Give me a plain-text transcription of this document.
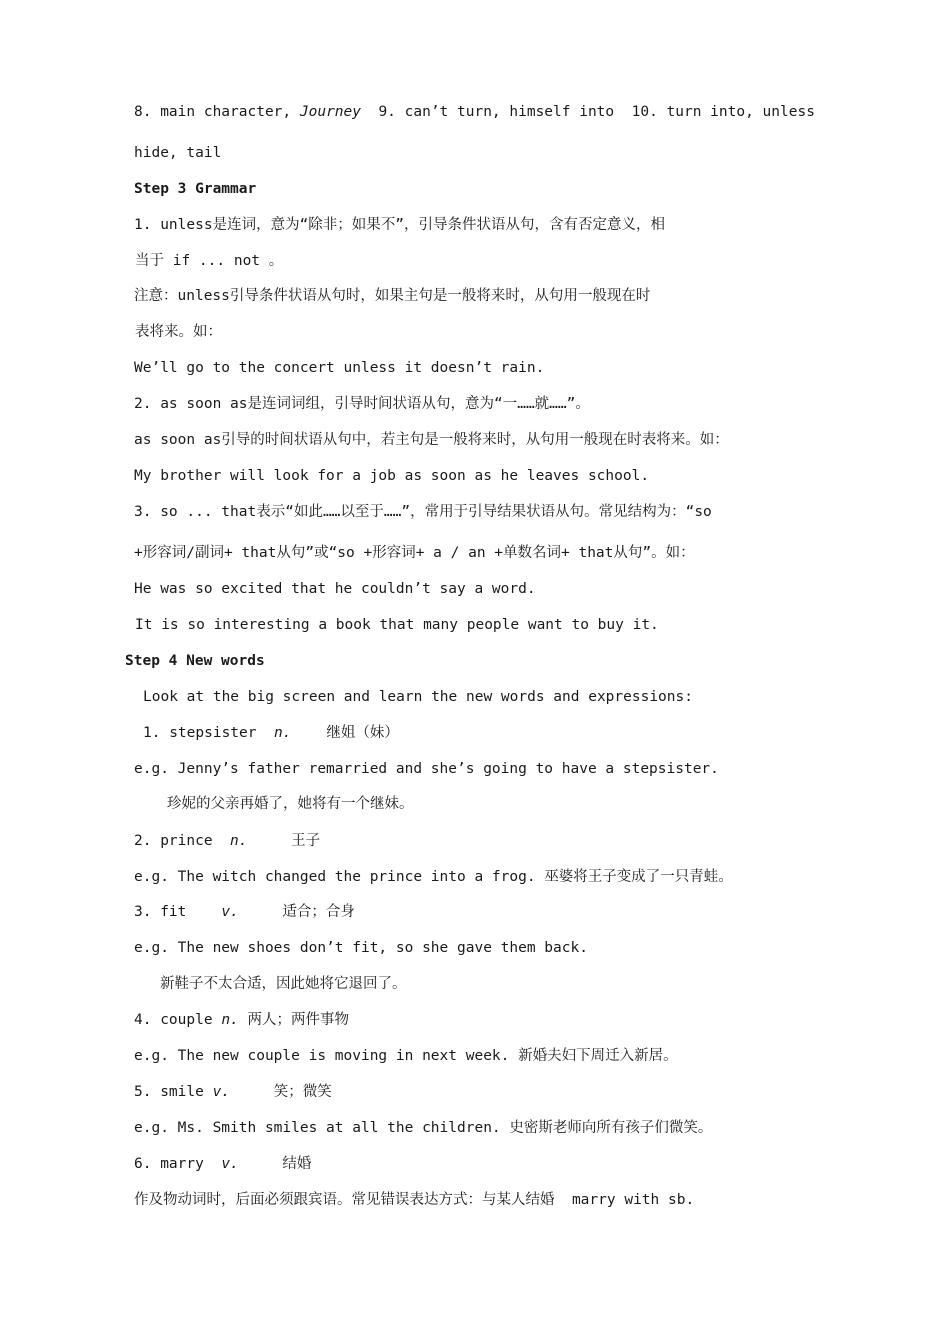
8. main character, Journey  9. can’t turn, himself into  10. turn into, unless
hide, tail
Step 3 Grammar
1. unless是连词，意为“除非；如果不”，引导条件状语从句，含有否定意义，相
当于 if ... not 。
注意：unless引导条件状语从句时，如果主句是一般将来时，从句用一般现在时
表将来。如：
We’ll go to the concert unless it doesn’t rain.
2. as soon as是连词词组，引导时间状语从句，意为“一……就……”。
as soon as引导的时间状语从句中，若主句是一般将来时，从句用一般现在时表将来。如：
My brother will look for a job as soon as he leaves school.
3. so ... that表示“如此……以至于……”，常用于引导结果状语从句。常见结构为：“so
+形容词/副词+ that从句”或“so +形容词+ a / an +单数名词+ that从句”。如：
He was so excited that he couldn’t say a word.
It is so interesting a book that many people want to buy it.
Step 4 New words
Look at the big screen and learn the new words and expressions:
1. stepsister  n.    继姐（妹）
e.g. Jenny’s father remarried and she’s going to have a stepsister.
珍妮的父亲再婚了，她将有一个继妹。
2. prince  n.     王子
e.g. The witch changed the prince into a frog. 巫婆将王子变成了一只青蛙。
3. fit    v.     适合；合身
e.g. The new shoes don’t fit, so she gave them back.
新鞋子不太合适，因此她将它退回了。
4. couple n. 两人；两件事物
e.g. The new couple is moving in next week. 新婚夫妇下周迁入新居。
5. smile v.     笑；微笑
e.g. Ms. Smith smiles at all the children. 史密斯老师向所有孩子们微笑。
6. marry  v.     结婚
作及物动词时，后面必须跟宾语。常见错误表达方式：与某人结婚  marry with sb.
